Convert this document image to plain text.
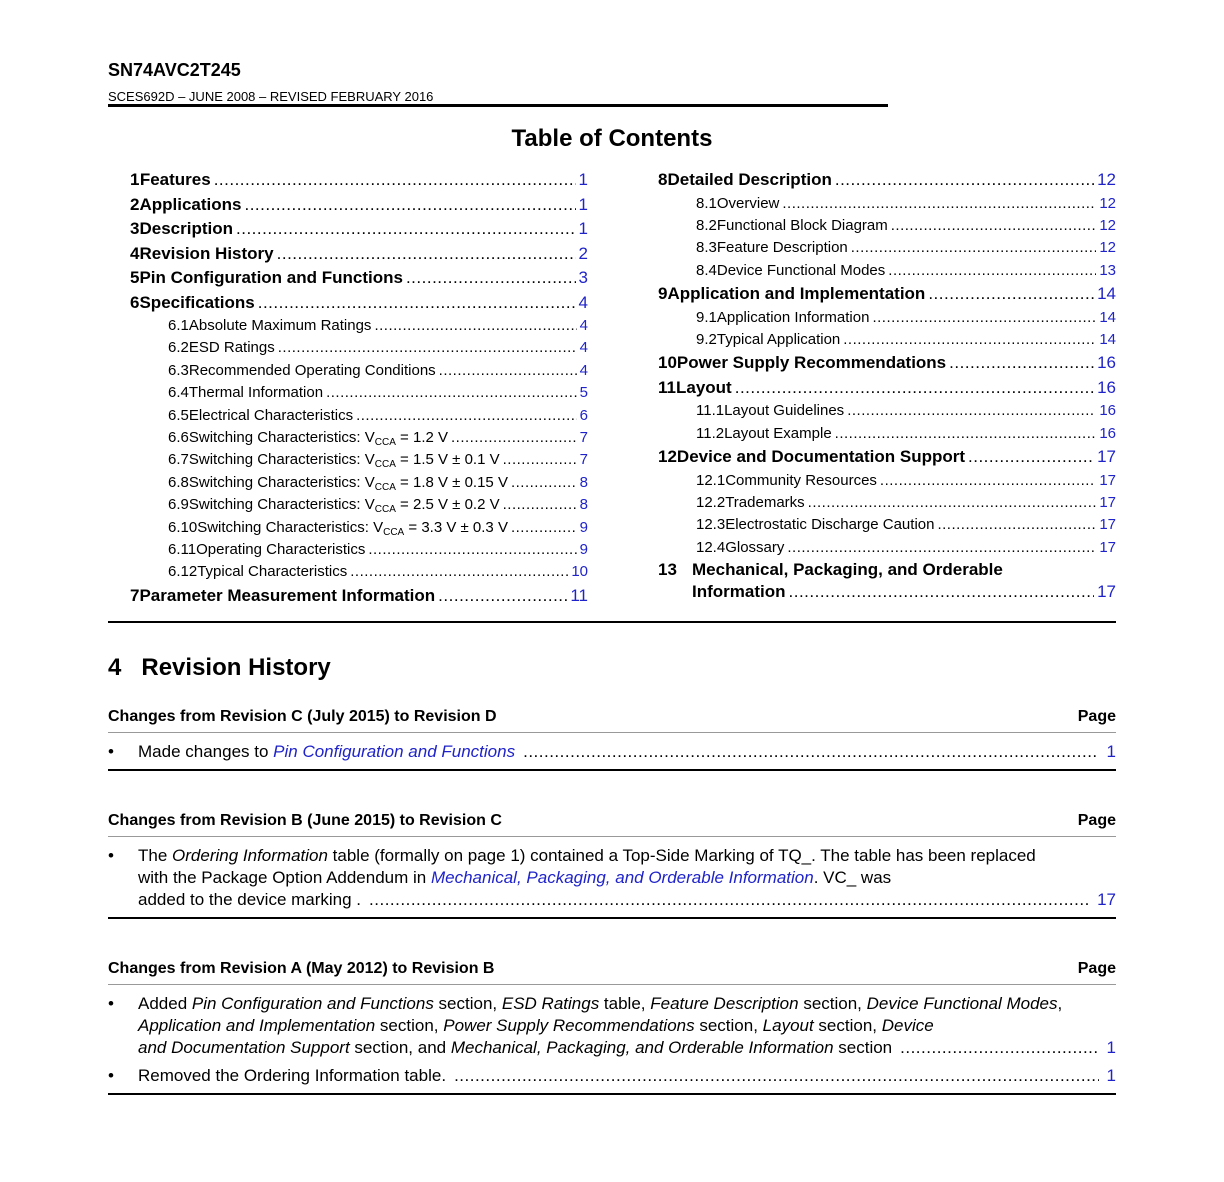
SN74AVC2T245
SCES692D – JUNE 2008 – REVISED FEBRUARY 2016
Table of Contents
1 Features .....	1
2 Applications .....	1
3 Description .....	1
4 Revision History .....	2
5 Pin Configuration and Functions .....	3
6 Specifications .....	4
6.1 Absolute Maximum Ratings .....	4
6.2 ESD Ratings .....	4
6.3 Recommended Operating Conditions .....	4
6.4 Thermal Information .....	5
6.5 Electrical Characteristics .....	6
6.6 Switching Characteristics: $V_{CCA} = 1.2$ V .....	7
6.7 Switching Characteristics: $V_{CCA} = 1.5$ V ± 0.1 V .....	7
6.8 Switching Characteristics: $V_{CCA} = 1.8$ V ± 0.15 V .....	8
6.9 Switching Characteristics: $V_{CCA} = 2.5$ V ± 0.2 V .....	8
6.10 Switching Characteristics: $V_{CCA} = 3.3$ V ± 0.3 V .....	9
6.11 Operating Characteristics .....	9
6.12 Typical Characteristics .....	10
7 Parameter Measurement Information .....	11
8 Detailed Description .....	12
8.1 Overview .....	12
8.2 Functional Block Diagram .....	12
8.3 Feature Description .....	12
8.4 Device Functional Modes .....	13
9 Application and Implementation .....	14
9.1 Application Information .....	14
9.2 Typical Application .....	14
10 Power Supply Recommendations .....	16
11 Layout .....	16
11.1 Layout Guidelines .....	16
11.2 Layout Example .....	16
12 Device and Documentation Support .....	17
12.1 Community Resources .....	17
12.2 Trademarks .....	17
12.3 Electrostatic Discharge Caution .....	17
12.4 Glossary .....	17
13 Mechanical, Packaging, and Orderable
Information .....	17
4 Revision History
Changes from Revision C (July 2015) to Revision D	Page
• Made changes to Pin Configuration and Functions .....	1
Changes from Revision B (June 2015) to Revision C	Page
• The Ordering Information table (formally on page 1) contained a Top-Side Marking of TQ_. The table has been replaced with the Package Option Addendum in Mechanical, Packaging, and Orderable Information. VC_ was
added to the device marking . .....	17
Changes from Revision A (May 2012) to Revision B	Page
• Added Pin Configuration and Functions section, ESD Ratings table, Feature Description section, Device Functional Modes, Application and Implementation section, Power Supply Recommendations section, Layout section, Device
and Documentation Support section, and Mechanical, Packaging, and Orderable Information section .....	1
• Removed the Ordering Information table. .....	1
